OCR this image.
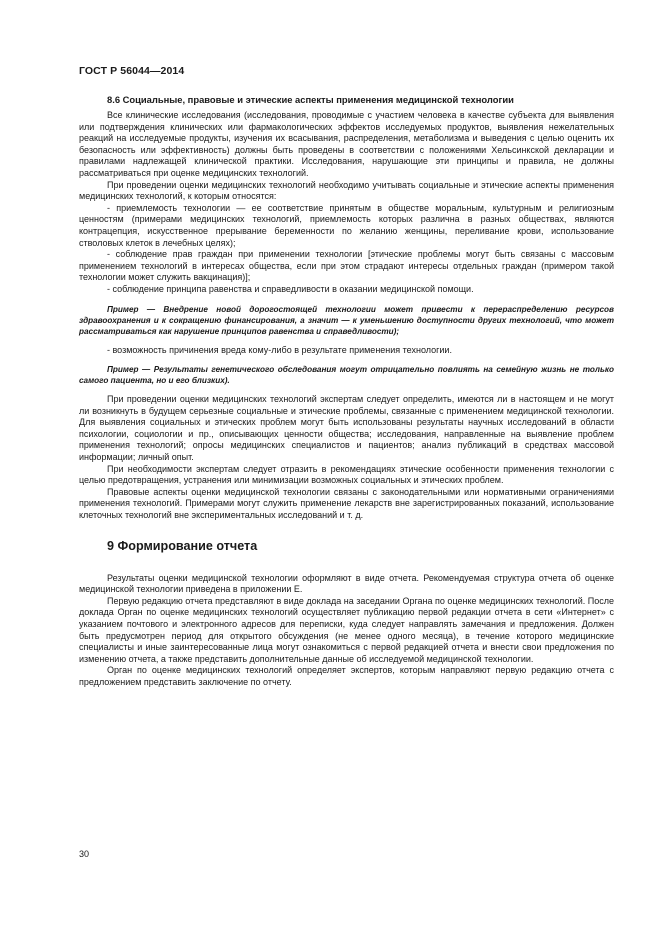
ГОСТ Р 56044—2014

8.6 Социальные, правовые и этические аспекты применения медицинской технологии

Все клинические исследования (исследования, проводимые с участием человека в качестве субъекта для выявления или подтверждения клинических или фармакологических эффектов исследуемых продуктов, выявления нежелательных реакций на исследуемые продукты, изучения их всасывания, распределения, метаболизма и выведения с целью оценить их безопасность или эффективность) должны быть проведены в соответствии с положениями Хельсинкской декларации и правилами надлежащей клинической практики. Исследования, нарушающие эти принципы и правила, не должны рассматриваться при оценке медицинских технологий.

При проведении оценки медицинских технологий необходимо учитывать социальные и этические аспекты применения медицинских технологий, к которым относятся:

- приемлемость технологии — ее соответствие принятым в обществе моральным, культурным и религиозным ценностям (примерами медицинских технологий, приемлемость которых различна в разных обществах, являются контрацепция, искусственное прерывание беременности по желанию женщины, переливание крови, использование стволовых клеток в лечебных целях);

- соблюдение прав граждан при применении технологии [этические проблемы могут быть связаны с массовым применением технологий в интересах общества, если при этом страдают интересы отдельных граждан (примером такой технологии может служить вакцинация)];

- соблюдение принципа равенства и справедливости в оказании медицинской помощи.

Пример — Внедрение новой дорогостоящей технологии может привести к перераспределению ресурсов здравоохранения и к сокращению финансирования, а значит — к уменьшению доступности других технологий, что может рассматриваться как нарушение принципов равенства и справедливости);

- возможность причинения вреда кому-либо в результате применения технологии.

Пример — Результаты генетического обследования могут отрицательно повлиять на семейную жизнь не только самого пациента, но и его близких).

При проведении оценки медицинских технологий экспертам следует определить, имеются ли в настоящем и не могут ли возникнуть в будущем серьезные социальные и этические проблемы, связанные с применением медицинской технологии. Для выявления социальных и этических проблем могут быть использованы результаты научных исследований в области психологии, социологии и пр., описывающих ценности общества; исследования, направленные на выявление проблем применения технологий; опросы медицинских специалистов и пациентов; анализ публикаций в средствах массовой информации; личный опыт.

При необходимости экспертам следует отразить в рекомендациях этические особенности применения технологии с целью предотвращения, устранения или минимизации возможных социальных и этических проблем.

Правовые аспекты оценки медицинской технологии связаны с законодательными или нормативными ограничениями применения технологий. Примерами могут служить применение лекарств вне зарегистрированных показаний, использование клеточных технологий вне экспериментальных исследований и т. д.

9 Формирование отчета

Результаты оценки медицинской технологии оформляют в виде отчета. Рекомендуемая структура отчета об оценке медицинской технологии приведена в приложении Е.

Первую редакцию отчета представляют в виде доклада на заседании Органа по оценке медицинских технологий. После доклада Орган по оценке медицинских технологий осуществляет публикацию первой редакции отчета в сети «Интернет» с указанием почтового и электронного адресов для переписки, куда следует направлять замечания и предложения. Должен быть предусмотрен период для открытого обсуждения (не менее одного месяца), в течение которого медицинские специалисты и иные заинтересованные лица могут ознакомиться с первой редакцией отчета и внести свои предложения по изменению отчета, а также представить дополнительные данные об исследуемой медицинской технологии.

Орган по оценке медицинских технологий определяет экспертов, которым направляют первую редакцию отчета с предложением представить заключение по отчету.

30
